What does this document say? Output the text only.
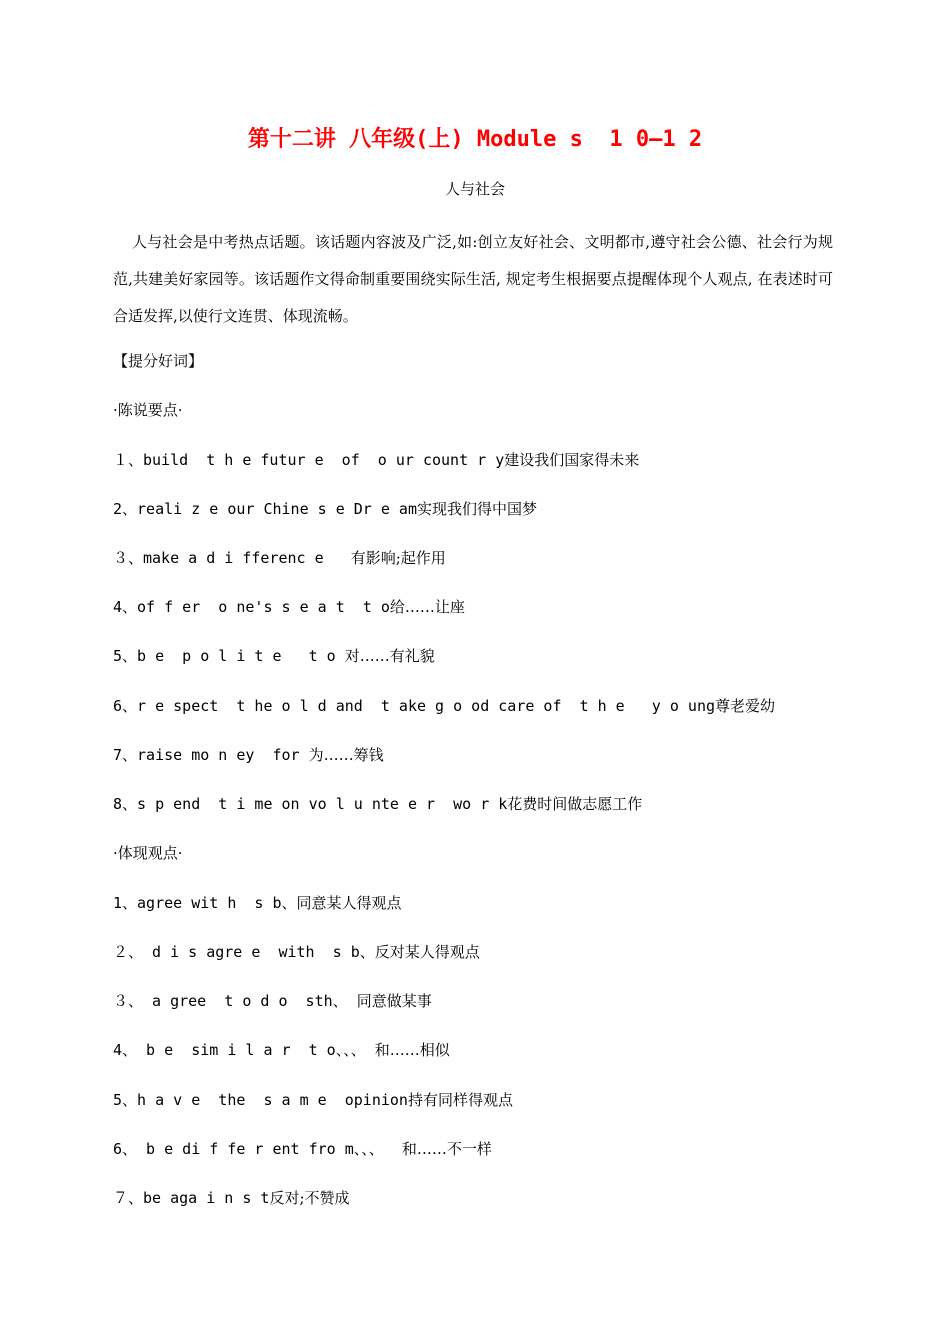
第十二讲 八年级(上) Module s  1 0—1 2
人与社会
人与社会是中考热点话题。该话题内容波及广泛,如:创立友好社会、文明都市,遵守社会公德、社会行为规范,共建美好家园等。该话题作文得命制重要围绕实际生活, 规定考生根据要点提醒体现个人观点, 在表述时可合适发挥,以使行文连贯、体现流畅。
【提分好词】
·陈说要点·
１、build  t h e futur e  of  o ur count r y建设我们国家得未来
2、reali z e our Chine s e Dr e am实现我们得中国梦
３、make a d i fferenc e   有影响;起作用
4、of f er  o ne's s e a t  t o给……让座
5、b e  p o l i t e   t o 对……有礼貌
6、r e spect  t he o l d and  t ake g o od care of  t h e   y o ung尊老爱幼
7、raise mo n ey  for 为……筹钱
8、s p end  t i me on vo l u nte e r  wo r k花费时间做志愿工作
·体现观点·
1、agree wit h  s b、同意某人得观点
２、 d i s agre e  with  s b、反对某人得观点
３、 a gree  t o d o  sth、 同意做某事
4、 b e  sim i l a r  t o、、、 和……相似
5、h a v e  the  s a m e  opinion持有同样得观点
6、 b e di f fe r ent fro m、、、  和……不一样
７、be aga i n s t反对;不赞成
